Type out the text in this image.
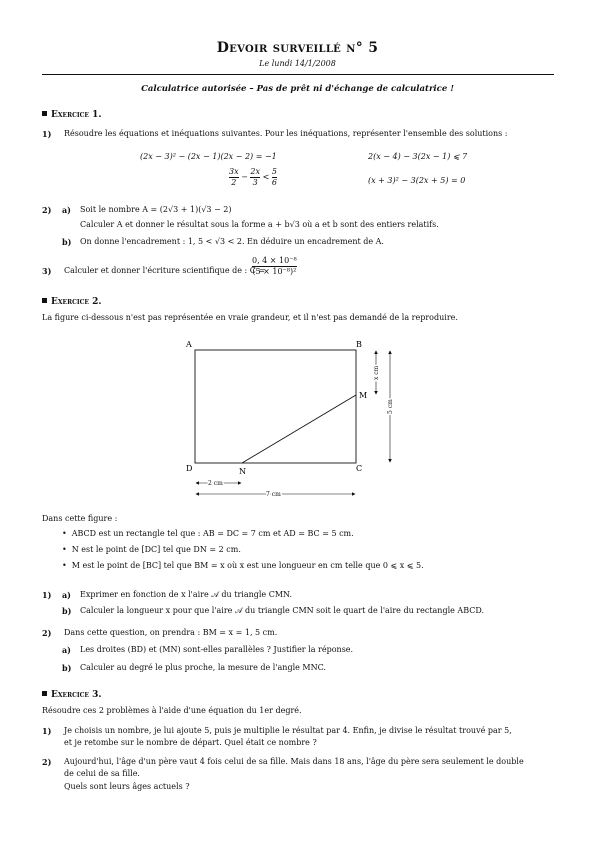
Devoir surveillé n° 5
Le lundi 14/1/2008
Calculatrice autorisée – Pas de prêt ni d'échange de calculatrice !
Exercice 1.
1) Résoudre les équations et inéquations suivantes. Pour les inéquations, représenter l'ensemble des solutions :
(2x − 3)² − (2x − 1)(2x − 2) = −1	2(x − 4) − 3(2x − 1) ⩽ 7
$\frac{3x}{2} - \frac{2x}{3} < \frac{5}{6}$	(x + 3)² − 3(2x + 5) = 0
2) a) Soit le nombre A = (2√3 + 1)(√3 − 2)
Calculer A et donner le résultat sous la forme a + b√3 où a et b sont des entiers relatifs.
b) On donne l'encadrement : 1, 5 < √3 < 2. En déduire un encadrement de A.
3) Calculer et donner l'écriture scientifique de : C =
$\frac{\text{0, 4 × 10⁻⁸}}{\text{(5 × 10⁻⁸)²}}$
Exercice 2.
La figure ci-dessous n'est pas représentée en vraie grandeur, et il n'est pas demandé de la reproduire.
A	B
C
D
M
N
2 cm
7 cm
x cm
5 cm
Dans cette figure :
• ABCD est un rectangle tel que : AB = DC = 7 cm et AD = BC = 5 cm.
• N est le point de [DC] tel que DN = 2 cm.
• M est le point de [BC] tel que BM = x où x est une longueur en cm telle que 0 ⩽ x ⩽ 5.
1) a) Exprimer en fonction de x l'aire 𝒜 du triangle CMN.
b) Calculer la longueur x pour que l'aire 𝒜 du triangle CMN soit le quart de l'aire du rectangle ABCD.
2) Dans cette question, on prendra : BM = x = 1, 5 cm.
a) Les droites (BD) et (MN) sont-elles parallèles ? Justifier la réponse.
b) Calculer au degré le plus proche, la mesure de l'angle MNC.
Exercice 3.
Résoudre ces 2 problèmes à l'aide d'une équation du 1er degré.
1) Je choisis un nombre, je lui ajoute 5, puis je multiplie le résultat par 4. Enfin, je divise le résultat trouvé par 5,
et je retombe sur le nombre de départ. Quel était ce nombre ?
2) Aujourd'hui, l'âge d'un père vaut 4 fois celui de sa fille. Mais dans 18 ans, l'âge du père sera seulement le double
de celui de sa fille.
Quels sont leurs âges actuels ?
